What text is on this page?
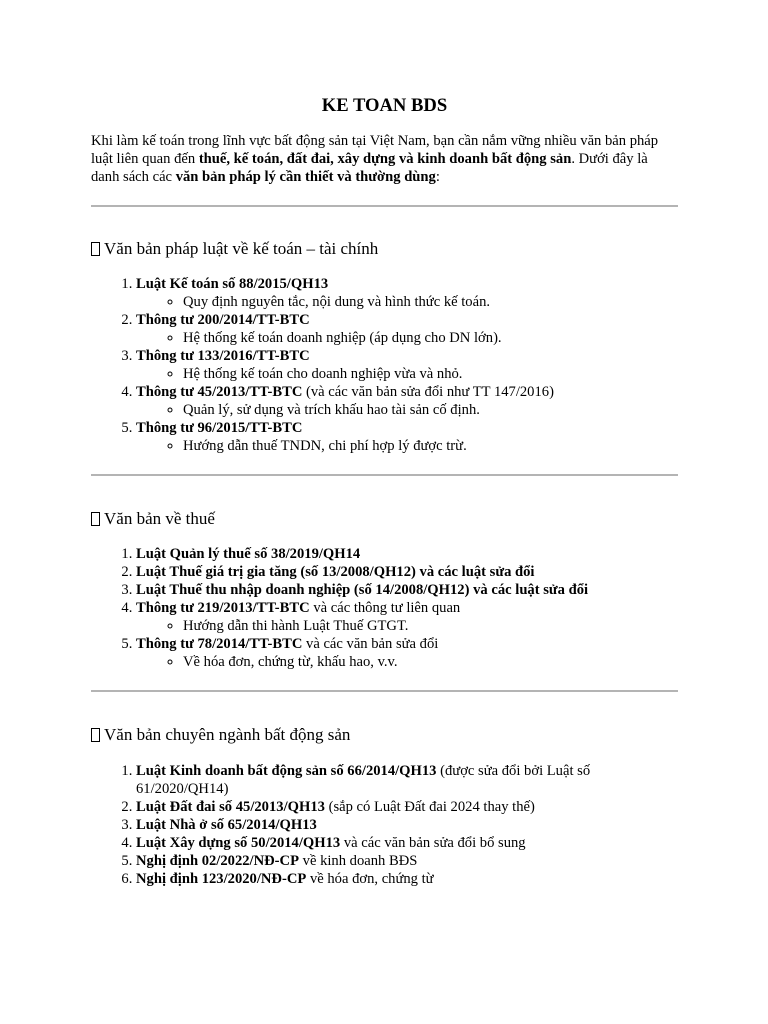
KE TOAN BDS

Khi làm kế toán trong lĩnh vực bất động sản tại Việt Nam, bạn cần nắm vững nhiều văn bản pháp luật liên quan đến thuế, kế toán, đất đai, xây dựng và kinh doanh bất động sản. Dưới đây là danh sách các văn bản pháp lý cần thiết và thường dùng:

Văn bản pháp luật về kế toán – tài chính
1. Luật Kế toán số 88/2015/QH13
◦ Quy định nguyên tắc, nội dung và hình thức kế toán.
2. Thông tư 200/2014/TT-BTC
◦ Hệ thống kế toán doanh nghiệp (áp dụng cho DN lớn).
3. Thông tư 133/2016/TT-BTC
◦ Hệ thống kế toán cho doanh nghiệp vừa và nhỏ.
4. Thông tư 45/2013/TT-BTC (và các văn bản sửa đổi như TT 147/2016)
◦ Quản lý, sử dụng và trích khấu hao tài sản cố định.
5. Thông tư 96/2015/TT-BTC
◦ Hướng dẫn thuế TNDN, chi phí hợp lý được trừ.
Văn bản về thuế
1. Luật Quản lý thuế số 38/2019/QH14
2. Luật Thuế giá trị gia tăng (số 13/2008/QH12) và các luật sửa đổi
3. Luật Thuế thu nhập doanh nghiệp (số 14/2008/QH12) và các luật sửa đổi
4. Thông tư 219/2013/TT-BTC và các thông tư liên quan
◦ Hướng dẫn thi hành Luật Thuế GTGT.
5. Thông tư 78/2014/TT-BTC và các văn bản sửa đổi
◦ Về hóa đơn, chứng từ, khấu hao, v.v.
Văn bản chuyên ngành bất động sản
1. Luật Kinh doanh bất động sản số 66/2014/QH13 (được sửa đổi bởi Luật số 61/2020/QH14)
2. Luật Đất đai số 45/2013/QH13 (sắp có Luật Đất đai 2024 thay thế)
3. Luật Nhà ở số 65/2014/QH13
4. Luật Xây dựng số 50/2014/QH13 và các văn bản sửa đổi bổ sung
5. Nghị định 02/2022/NĐ-CP về kinh doanh BĐS
6. Nghị định 123/2020/NĐ-CP về hóa đơn, chứng từ
